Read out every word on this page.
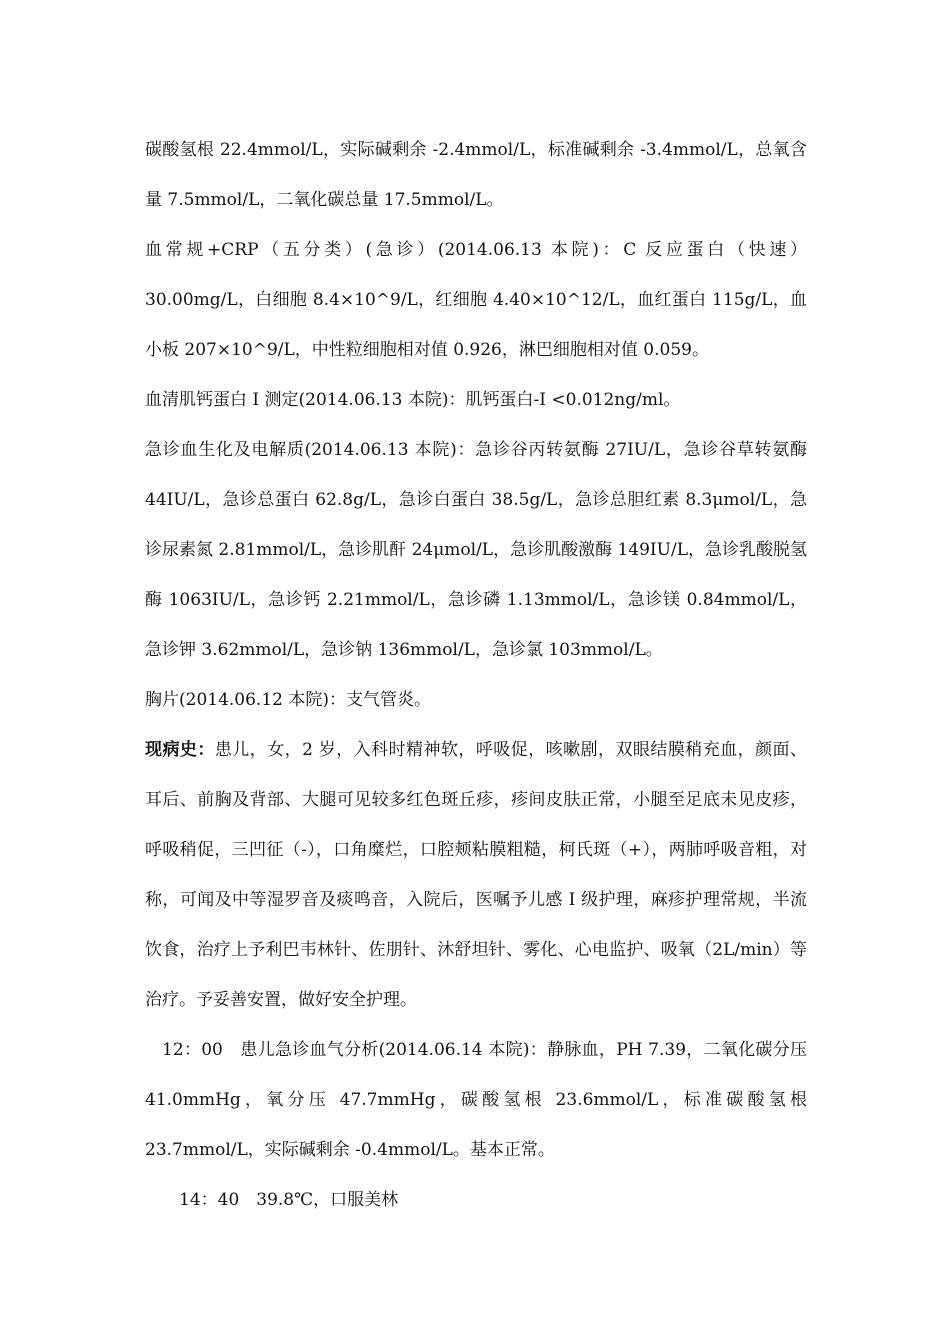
碳酸氢根 22.4mmol/L，实际碱剩余 -2.4mmol/L，标准碱剩余 -3.4mmol/L，总氧含量 7.5mmol/L，二氧化碳总量 17.5mmol/L。

血常规+CRP（五分类）(急诊）(2014.06.13 本院)：C 反应蛋白（快速）30.00mg/L，白细胞 8.4×10^9/L，红细胞 4.40×10^12/L，血红蛋白 115g/L，血小板 207×10^9/L，中性粒细胞相对值 0.926，淋巴细胞相对值 0.059。

血清肌钙蛋白 I 测定(2014.06.13 本院)：肌钙蛋白-I <0.012ng/ml。

急诊血生化及电解质(2014.06.13 本院)：急诊谷丙转氨酶 27IU/L，急诊谷草转氨酶 44IU/L，急诊总蛋白 62.8g/L，急诊白蛋白 38.5g/L，急诊总胆红素 8.3μmol/L，急诊尿素氮 2.81mmol/L，急诊肌酐 24μmol/L，急诊肌酸激酶 149IU/L，急诊乳酸脱氢酶 1063IU/L，急诊钙 2.21mmol/L，急诊磷 1.13mmol/L，急诊镁 0.84mmol/L，急诊钾 3.62mmol/L，急诊钠 136mmol/L，急诊氯 103mmol/L。

胸片(2014.06.12 本院)：支气管炎。

现病史：患儿，女，2 岁，入科时精神软，呼吸促，咳嗽剧，双眼结膜稍充血，颜面、耳后、前胸及背部、大腿可见较多红色斑丘疹，疹间皮肤正常，小腿至足底未见皮疹，呼吸稍促，三凹征（-），口角糜烂，口腔颊粘膜粗糙，柯氏斑（+），两肺呼吸音粗，对称，可闻及中等湿罗音及痰鸣音，入院后，医嘱予儿感 I 级护理，麻疹护理常规，半流饮食，治疗上予利巴韦林针、佐朋针、沐舒坦针、雾化、心电监护、吸氧（2L/min）等治疗。予妥善安置，做好安全护理。

12：00　患儿急诊血气分析(2014.06.14 本院)：静脉血，PH 7.39，二氧化碳分压 41.0mmHg，氧分压 47.7mmHg，碳酸氢根 23.6mmol/L，标准碳酸氢根 23.7mmol/L，实际碱剩余 -0.4mmol/L。基本正常。

14：40　39.8℃，口服美林
